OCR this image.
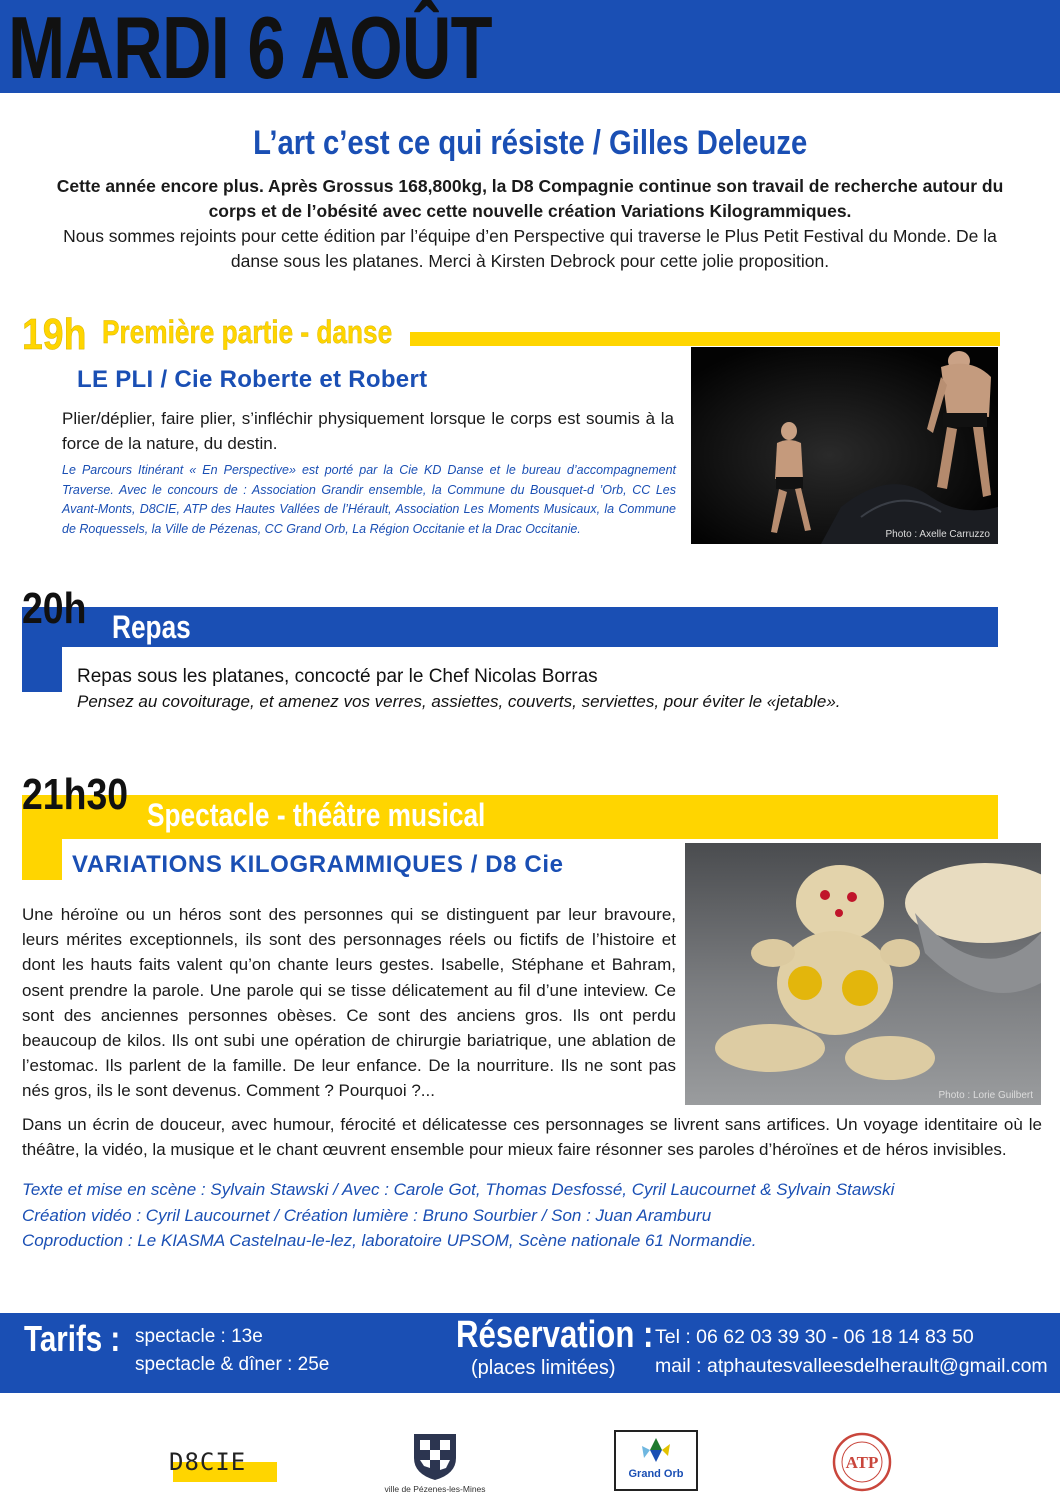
MARDI 6 AOÛT
L’art c’est ce qui résiste / Gilles Deleuze
Cette année encore plus. Après Grossus 168,800kg, la D8 Compagnie continue son travail de recherche autour du corps et de l’obésité avec cette nouvelle création Variations Kilogrammiques.
Nous sommes rejoints pour cette édition par l’équipe d’en Perspective qui traverse le Plus Petit Festival du Monde. De la danse sous les platanes. Merci à Kirsten Debrock pour cette jolie proposition.
19h Première partie - danse
LE PLI / Cie Roberte et Robert
Plier/déplier, faire plier, s’infléchir physiquement lorsque le corps est soumis à la force de la nature, du destin.
Le Parcours Itinérant « En Perspective» est porté par la Cie KD Danse et le bureau d’accompagnement Traverse. Avec le concours de : Association Grandir ensemble, la Commune du Bousquet-d ’Orb, CC Les Avant-Monts, D8CIE, ATP des Hautes Vallées de l’Hérault, Association Les Moments Musicaux, la Commune de Roquessels, la Ville de Pézenas, CC Grand Orb, La Région Occitanie et la Drac Occitanie.	Photo : Axelle Carruzzo
20h Repas
Repas sous les platanes, concocté par le Chef Nicolas Borras
Pensez au covoiturage, et amenez vos verres, assiettes, couverts, serviettes, pour éviter le «jetable».
21h30 Spectacle - théâtre musical
VARIATIONS KILOGRAMMIQUES / D8 Cie
Une héroïne ou un héros sont des personnes qui se distinguent par leur bravoure, leurs mérites exceptionnels, ils sont des personnages réels ou fictifs de l’histoire et dont les hauts faits valent qu’on chante leurs gestes. Isabelle, Stéphane et Bahram, osent prendre la parole. Une parole qui se tisse délicatement au fil d’une inteview. Ce sont des anciennes personnes obèses. Ce sont des anciens gros. Ils ont perdu beaucoup de kilos. Ils ont subi une opération de chirurgie bariatrique, une ablation de l’estomac. Ils parlent de la famille. De leur enfance. De la nourriture. Ils ne sont pas nés gros, ils le sont devenus. Comment ? Pourquoi ?...
Dans un écrin de douceur, avec humour, férocité et délicatesse ces personnages se livrent sans artifices. Un voyage identitaire où le théâtre, la vidéo, la musique et le chant œuvrent ensemble pour mieux faire résonner ses paroles d’héroïnes et de héros invisibles.
Texte et mise en scène : Sylvain Stawski / Avec : Carole Got, Thomas Desfossé, Cyril Laucournet & Sylvain Stawski
Création vidéo : Cyril Laucournet / Création lumière : Bruno Sourbier / Son : Juan Aramburu
Coproduction : Le KIASMA Castelnau-le-lez, laboratoire UPSOM, Scène nationale 61 Normandie.
Photo : Lorie Guilbert
Tarifs : spectacle : 13e
spectacle & dîner : 25e
Réservation :
(places limitées)
Tel : 06 62 03 39 30 - 06 18 14 83 50
mail : atphautesvalleesdelherault@gmail.com
D8CIE
ville de Pézenes-les-Mines
Grand Orb
ATP
